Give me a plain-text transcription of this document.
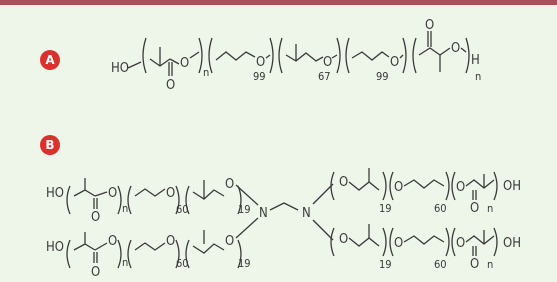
A
B
HO
O
O
n
O
99
O
67
O
99
O
O
H
n
HO
O
O
n
O
60
O
19
HO
O
O
n
O
60
O
19
N	N
O
19
O
60
O
O n
OH
O
19
O
60
O
O n
OH
